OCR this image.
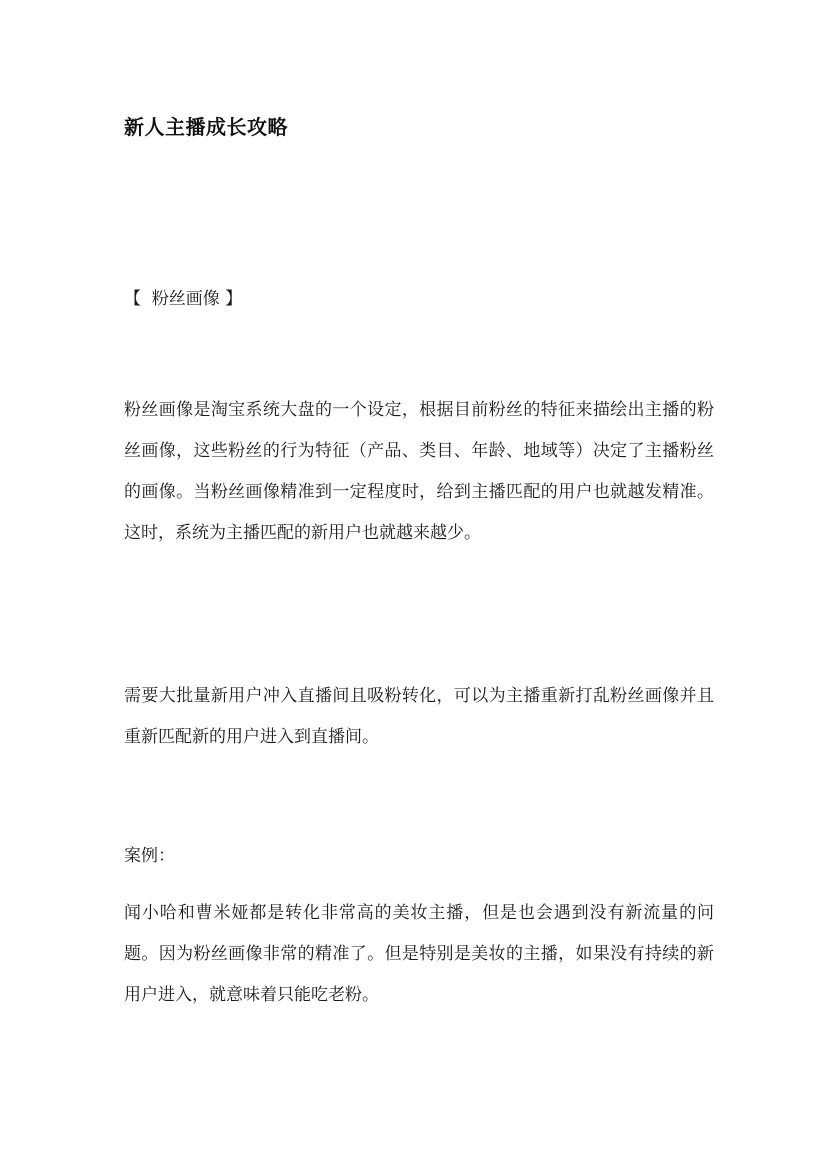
新人主播成长攻略

【  粉丝画像 】

粉丝画像是淘宝系统大盘的一个设定，根据目前粉丝的特征来描绘出主播的粉丝画像，这些粉丝的行为特征（产品、类目、年龄、地域等）决定了主播粉丝的画像。当粉丝画像精准到一定程度时，给到主播匹配的用户也就越发精准。这时，系统为主播匹配的新用户也就越来越少。

需要大批量新用户冲入直播间且吸粉转化，可以为主播重新打乱粉丝画像并且重新匹配新的用户进入到直播间。

案例：

闻小哈和曹米娅都是转化非常高的美妆主播，但是也会遇到没有新流量的问题。因为粉丝画像非常的精准了。但是特别是美妆的主播，如果没有持续的新用户进入，就意味着只能吃老粉。
